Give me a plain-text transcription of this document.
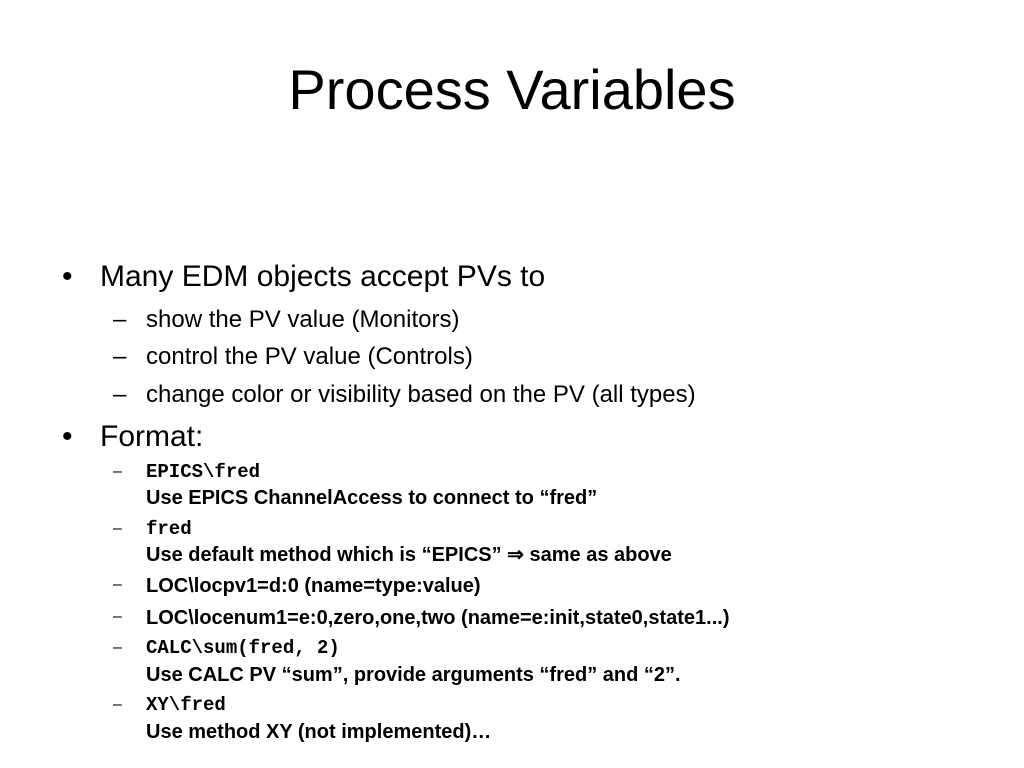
Process Variables
• Many EDM objects accept PVs to
– show the PV value (Monitors)
– control the PV value (Controls)
– change color or visibility based on the PV (all types)
• Format:
– EPICS\fred
Use EPICS ChannelAccess to connect to “fred”
– fred
Use default method which is “EPICS” ⇒ same as above
– LOC\locpv1=d:0 (name=type:value)
– LOC\locenum1=e:0,zero,one,two (name=e:init,state0,state1...)
– CALC\sum(fred, 2)
Use CALC PV “sum”, provide arguments “fred” and “2”.
– XY\fred
Use method XY (not implemented)…
